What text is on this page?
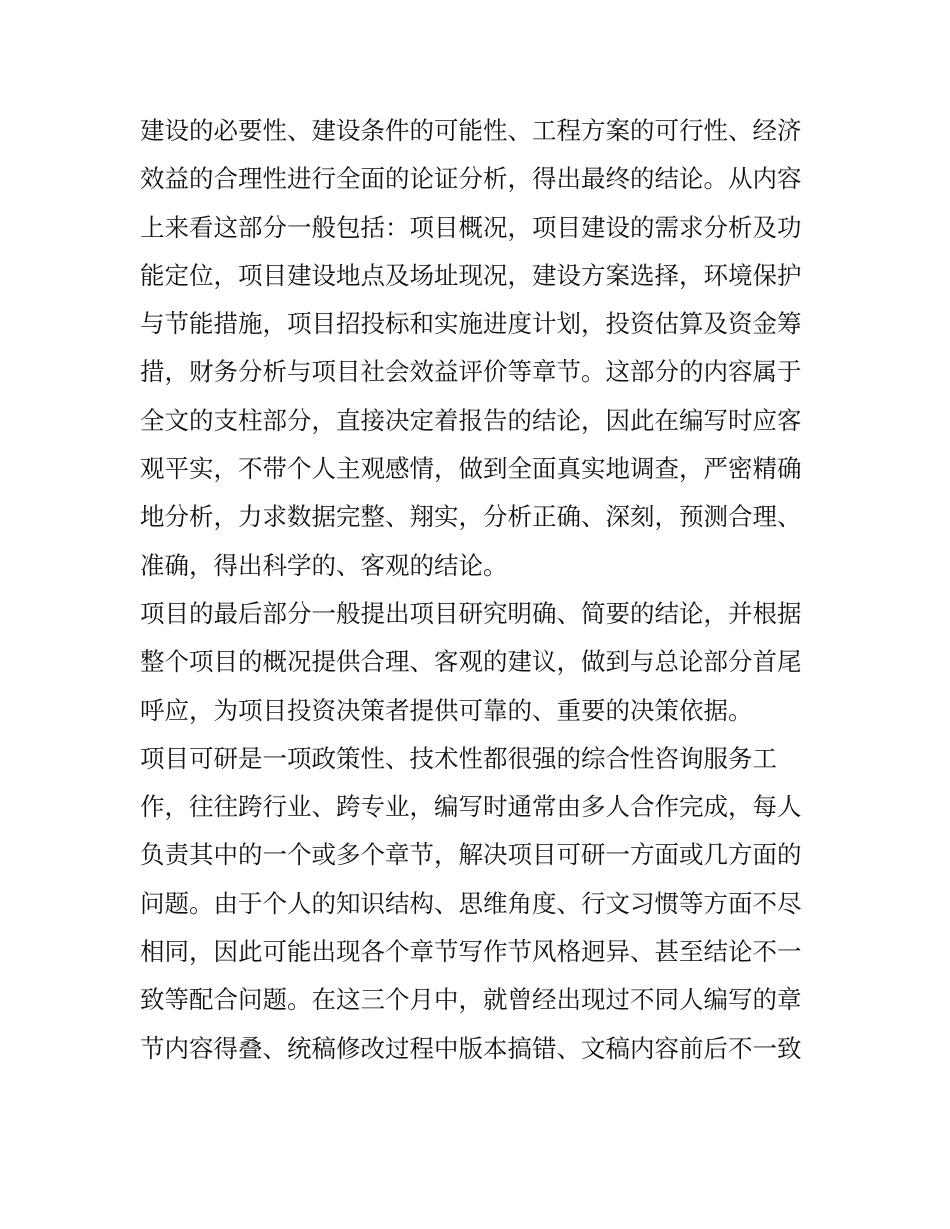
建设的必要性、建设条件的可能性、工程方案的可行性、经济
效益的合理性进行全面的论证分析，得出最终的结论。从内容
上来看这部分一般包括：项目概况，项目建设的需求分析及功
能定位，项目建设地点及场址现况，建设方案选择，环境保护
与节能措施，项目招投标和实施进度计划，投资估算及资金筹
措，财务分析与项目社会效益评价等章节。这部分的内容属于
全文的支柱部分，直接决定着报告的结论，因此在编写时应客
观平实，不带个人主观感情，做到全面真实地调查，严密精确
地分析，力求数据完整、翔实，分析正确、深刻，预测合理、
准确，得出科学的、客观的结论。
项目的最后部分一般提出项目研究明确、简要的结论，并根据
整个项目的概况提供合理、客观的建议，做到与总论部分首尾
呼应，为项目投资决策者提供可靠的、重要的决策依据。
项目可研是一项政策性、技术性都很强的综合性咨询服务工
作，往往跨行业、跨专业，编写时通常由多人合作完成，每人
负责其中的一个或多个章节，解决项目可研一方面或几方面的
问题。由于个人的知识结构、思维角度、行文习惯等方面不尽
相同，因此可能出现各个章节写作节风格迥异、甚至结论不一
致等配合问题。在这三个月中，就曾经出现过不同人编写的章
节内容得叠、统稿修改过程中版本搞错、文稿内容前后不一致
